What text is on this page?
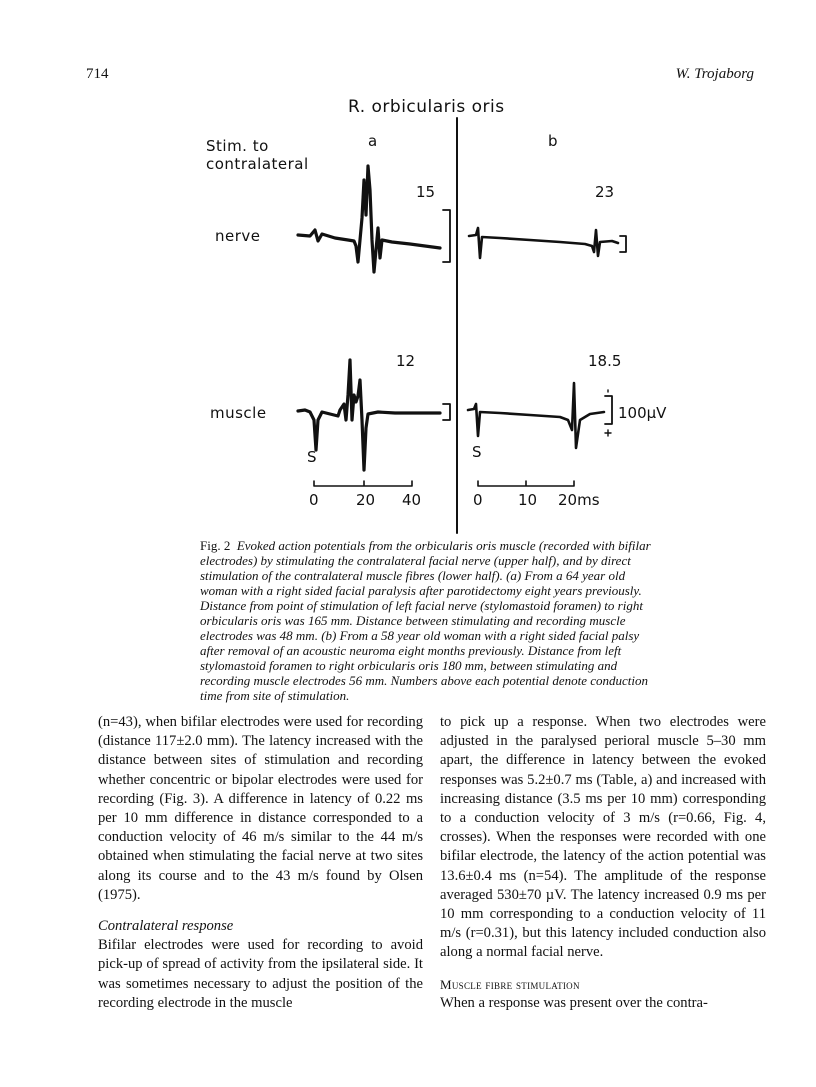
714	W. Trojaborg
R. orbicularis oris
Stim. to
contralateral
a	b
nerve
muscle
15	23
12	18.5
S	S
100µV
0 20 40	0 10 20ms
Fig. 2 Evoked action potentials from the orbicularis oris muscle (recorded with bifilar electrodes) by stimulating the contralateral facial nerve (upper half), and by direct stimulation of the contralateral muscle fibres (lower half). (a) From a 64 year old woman with a right sided facial paralysis after parotidectomy eight years previously. Distance from point of stimulation of left facial nerve (stylomastoid foramen) to right orbicularis oris was 165 mm. Distance between stimulating and recording muscle electrodes was 48 mm. (b) From a 58 year old woman with a right sided facial palsy after removal of an acoustic neuroma eight months previously. Distance from left stylomastoid foramen to right orbicularis oris 180 mm, between stimulating and recording muscle electrodes 56 mm. Numbers above each potential denote conduction time from site of stimulation.

(n=43), when bifilar electrodes were used for recording (distance 117±2.0 mm). The latency increased with the distance between sites of stimulation and recording whether concentric or bipolar electrodes were used for recording (Fig. 3). A difference in latency of 0.22 ms per 10 mm difference in distance corresponded to a conduction velocity of 46 m/s similar to the 44 m/s obtained when stimulating the facial nerve at two sites along its course and to the 43 m/s found by Olsen (1975).

Contralateral response

Bifilar electrodes were used for recording to avoid pick-up of spread of activity from the ipsilateral side. It was sometimes necessary to adjust the position of the recording electrode in the muscle

to pick up a response. When two electrodes were adjusted in the paralysed perioral muscle 5–30 mm apart, the difference in latency between the evoked responses was 5.2±0.7 ms (Table, a) and increased with increasing distance (3.5 ms per 10 mm) corresponding to a conduction velocity of 3 m/s (r=0.66, Fig. 4, crosses). When the responses were recorded with one bifilar electrode, the latency of the action potential was 13.6±0.4 ms (n=54). The amplitude of the response averaged 530±70 µV. The latency increased 0.9 ms per 10 mm corresponding to a conduction velocity of 11 m/s (r=0.31), but this latency included conduction also along a normal facial nerve.

Muscle fibre stimulation

When a response was present over the contra-
